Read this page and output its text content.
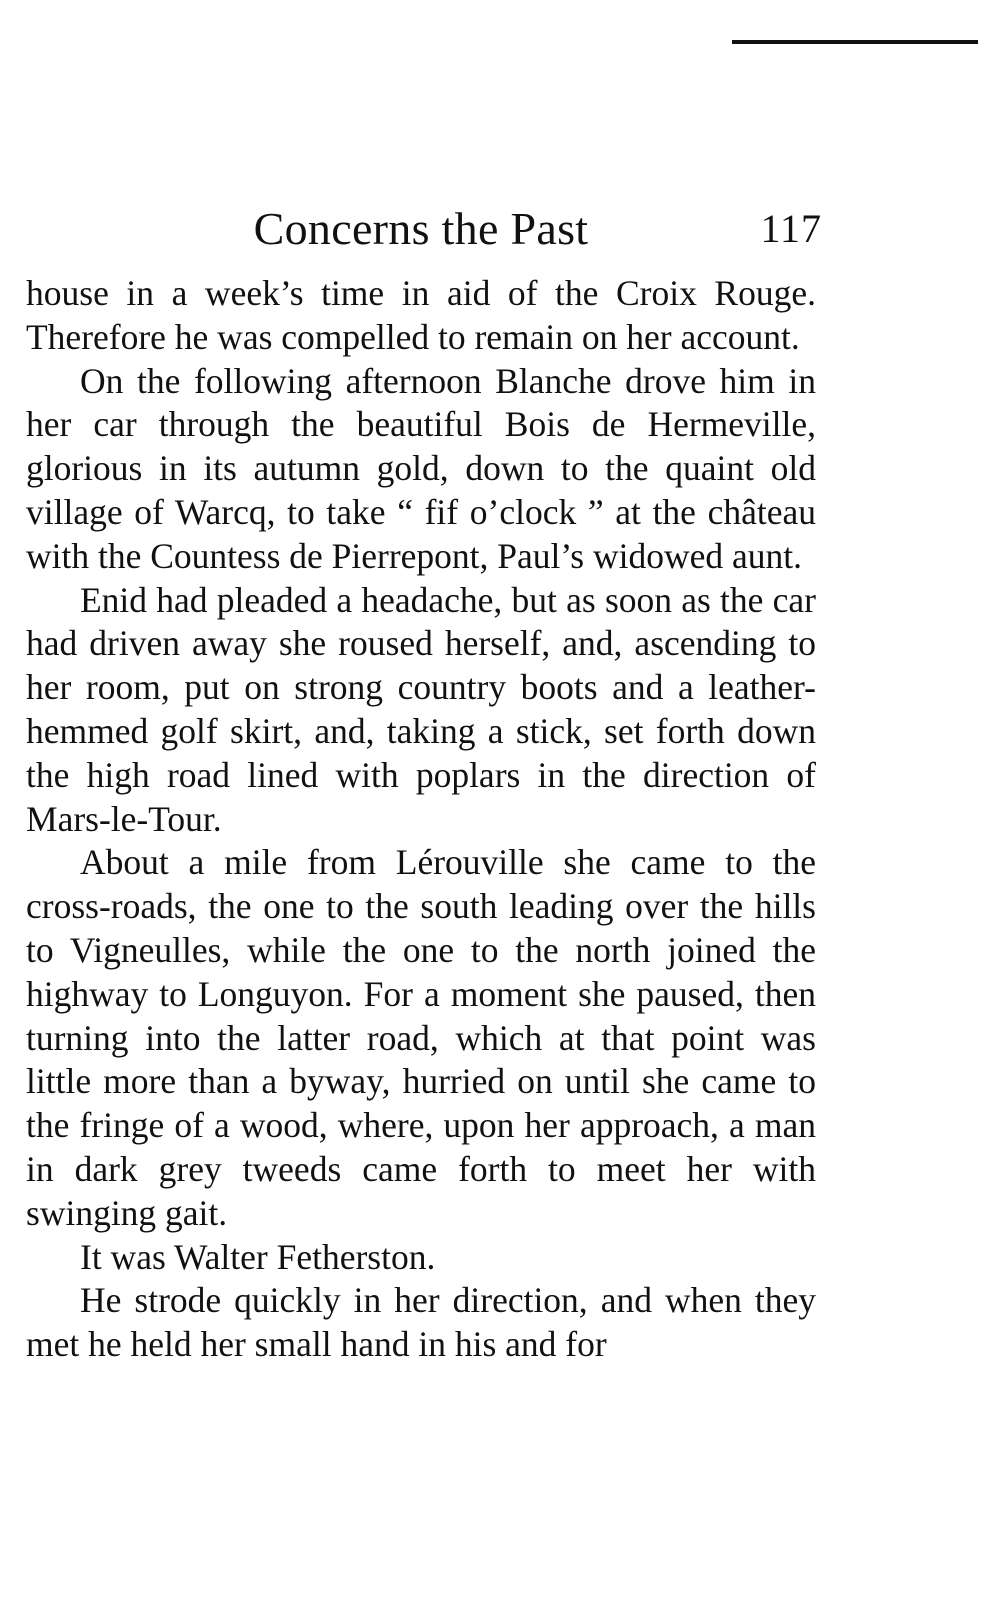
Concerns the Past	117

house in a week’s time in aid of the Croix Rouge. Therefore he was compelled to remain on her account.

On the following afternoon Blanche drove him in her car through the beautiful Bois de Hermeville, glorious in its autumn gold, down to the quaint old village of Warcq, to take “ fif o’clock ” at the château with the Countess de Pierrepont, Paul’s widowed aunt.

Enid had pleaded a headache, but as soon as the car had driven away she roused herself, and, ascending to her room, put on strong country boots and a leather-hemmed golf skirt, and, taking a stick, set forth down the high road lined with poplars in the direction of Mars-le-Tour.

About a mile from Lérouville she came to the cross-roads, the one to the south leading over the hills to Vigneulles, while the one to the north joined the highway to Longuyon. For a moment she paused, then turning into the latter road, which at that point was little more than a byway, hurried on until she came to the fringe of a wood, where, upon her approach, a man in dark grey tweeds came forth to meet her with swinging gait.

It was Walter Fetherston.

He strode quickly in her direction, and when they met he held her small hand in his and for
